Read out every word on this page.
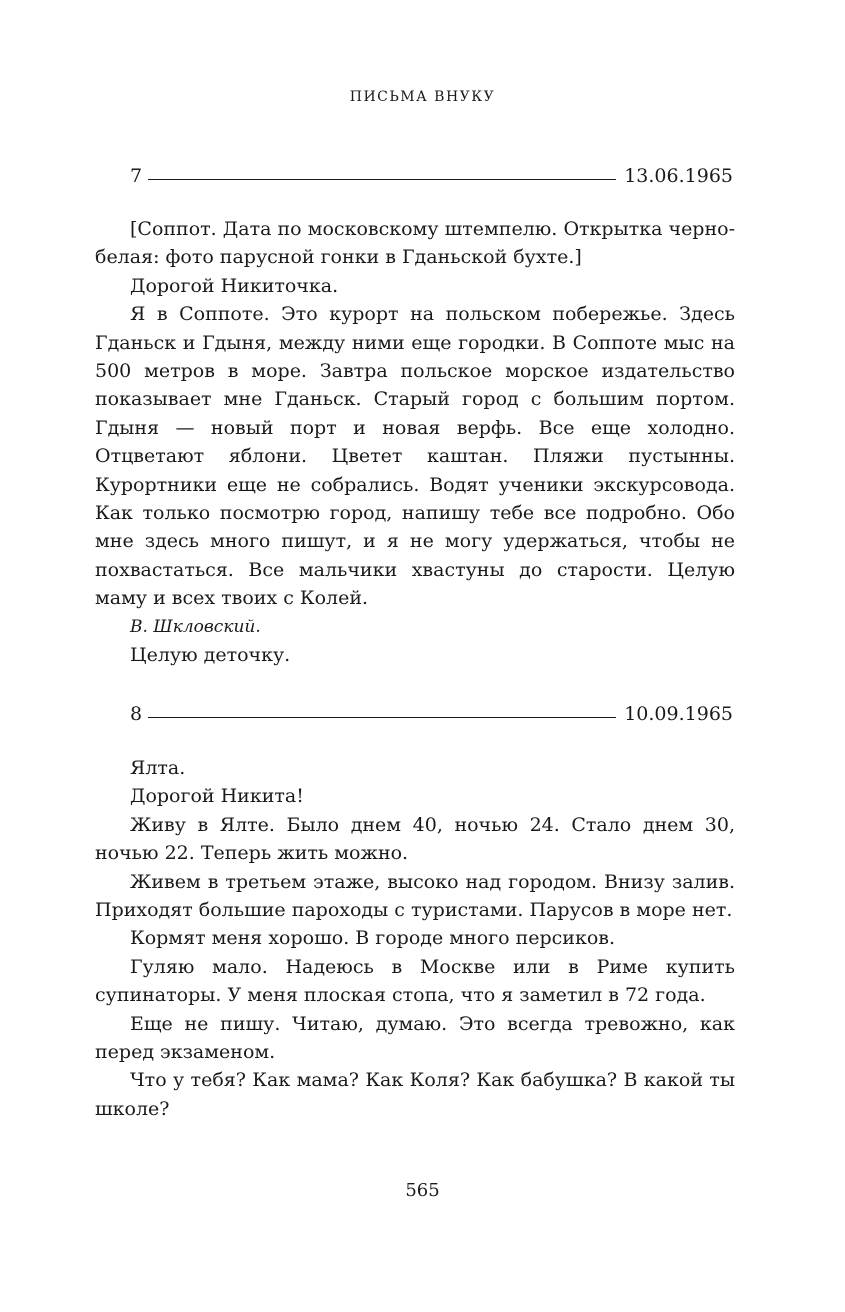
ПИСЬМА ВНУКУ
7	13.06.1965

[Соппот. Дата по московскому штемпелю. Открытка черно-белая: фото парусной гонки в Гданьской бухте.]

Дорогой Никиточка.

Я в Соппоте. Это курорт на польском побережье. Здесь Гданьск и Гдыня, между ними еще городки. В Соппоте мыс на 500 метров в море. Завтра польское морское издательство показывает мне Гданьск. Старый город с большим портом. Гдыня — новый порт и новая верфь. Все еще холодно. Отцветают яблони. Цветет каштан. Пляжи пустынны. Курортники еще не собрались. Водят ученики экскурсовода. Как только посмотрю город, напишу тебе все подробно. Обо мне здесь много пишут, и я не могу удержаться, чтобы не похвастаться. Все мальчики хвастуны до старости. Целую маму и всех твоих с Колей.

В. Шкловский.

Целую деточку.

8	10.09.1965

Ялта.

Дорогой Никита!

Живу в Ялте. Было днем 40, ночью 24. Стало днем 30, ночью 22. Теперь жить можно.

Живем в третьем этаже, высоко над городом. Внизу залив. Приходят большие пароходы с туристами. Парусов в море нет.

Кормят меня хорошо. В городе много персиков.

Гуляю мало. Надеюсь в Москве или в Риме купить супинаторы. У меня плоская стопа, что я заметил в 72 года.

Еще не пишу. Читаю, думаю. Это всегда тревожно, как перед экзаменом.

Что у тебя? Как мама? Как Коля? Как бабушка? В какой ты школе?

565
